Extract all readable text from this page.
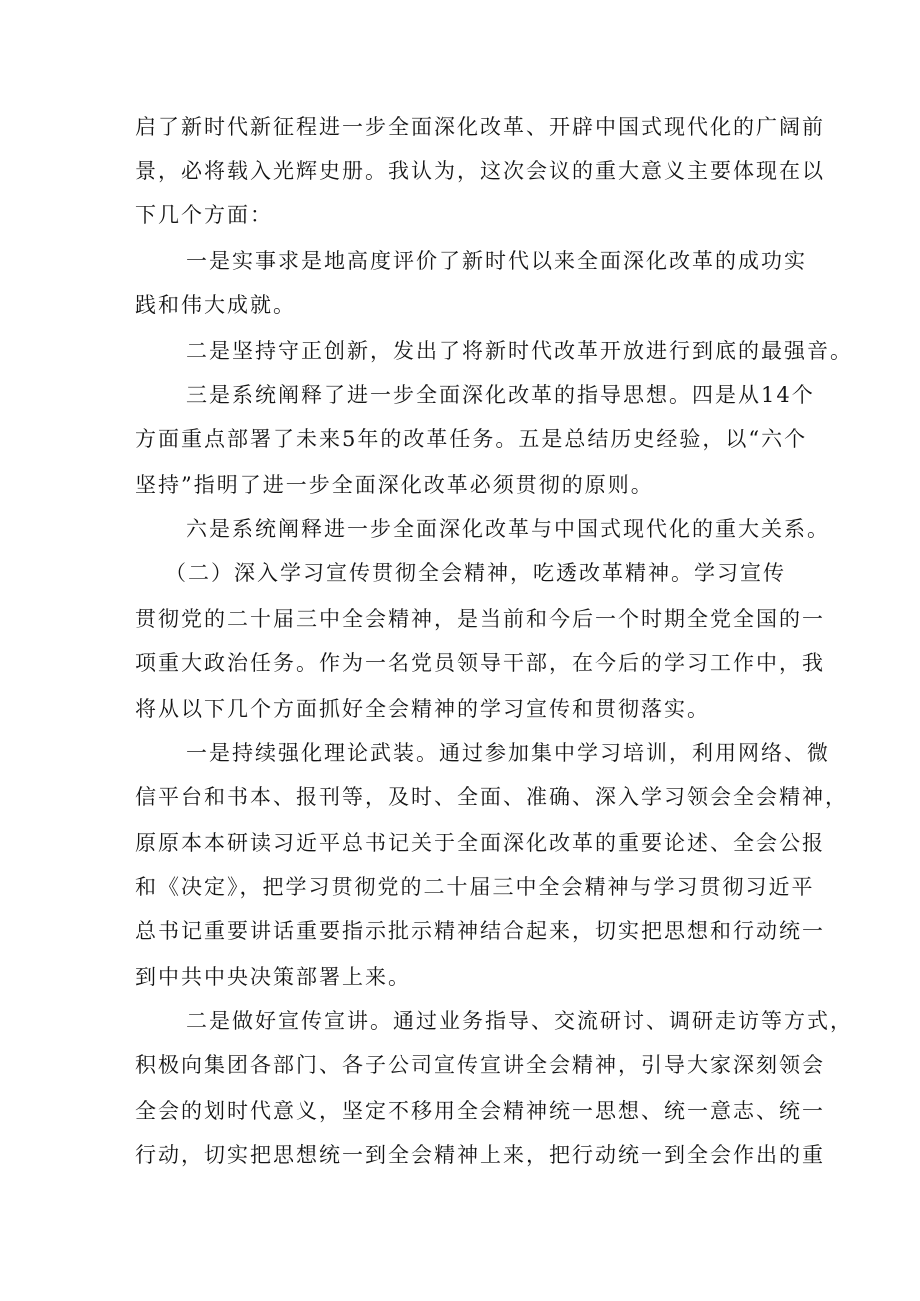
启了新时代新征程进一步全面深化改革、开辟中国式现代化的广阔前
景，必将载入光辉史册。我认为，这次会议的重大意义主要体现在以
下几个方面：
一是实事求是地高度评价了新时代以来全面深化改革的成功实
践和伟大成就。
二是坚持守正创新，发出了将新时代改革开放进行到底的最强音。
三是系统阐释了进一步全面深化改革的指导思想。四是从14个
方面重点部署了未来5年的改革任务。五是总结历史经验，以“六个
坚持”指明了进一步全面深化改革必须贯彻的原则。
六是系统阐释进一步全面深化改革与中国式现代化的重大关系。
（二）深入学习宣传贯彻全会精神，吃透改革精神。学习宣传
贯彻党的二十届三中全会精神，是当前和今后一个时期全党全国的一
项重大政治任务。作为一名党员领导干部，在今后的学习工作中，我
将从以下几个方面抓好全会精神的学习宣传和贯彻落实。
一是持续强化理论武装。通过参加集中学习培训，利用网络、微
信平台和书本、报刊等，及时、全面、准确、深入学习领会全会精神，
原原本本研读习近平总书记关于全面深化改革的重要论述、全会公报
和《决定》，把学习贯彻党的二十届三中全会精神与学习贯彻习近平
总书记重要讲话重要指示批示精神结合起来，切实把思想和行动统一
到中共中央决策部署上来。
二是做好宣传宣讲。通过业务指导、交流研讨、调研走访等方式，
积极向集团各部门、各子公司宣传宣讲全会精神，引导大家深刻领会
全会的划时代意义，坚定不移用全会精神统一思想、统一意志、统一
行动，切实把思想统一到全会精神上来，把行动统一到全会作出的重
